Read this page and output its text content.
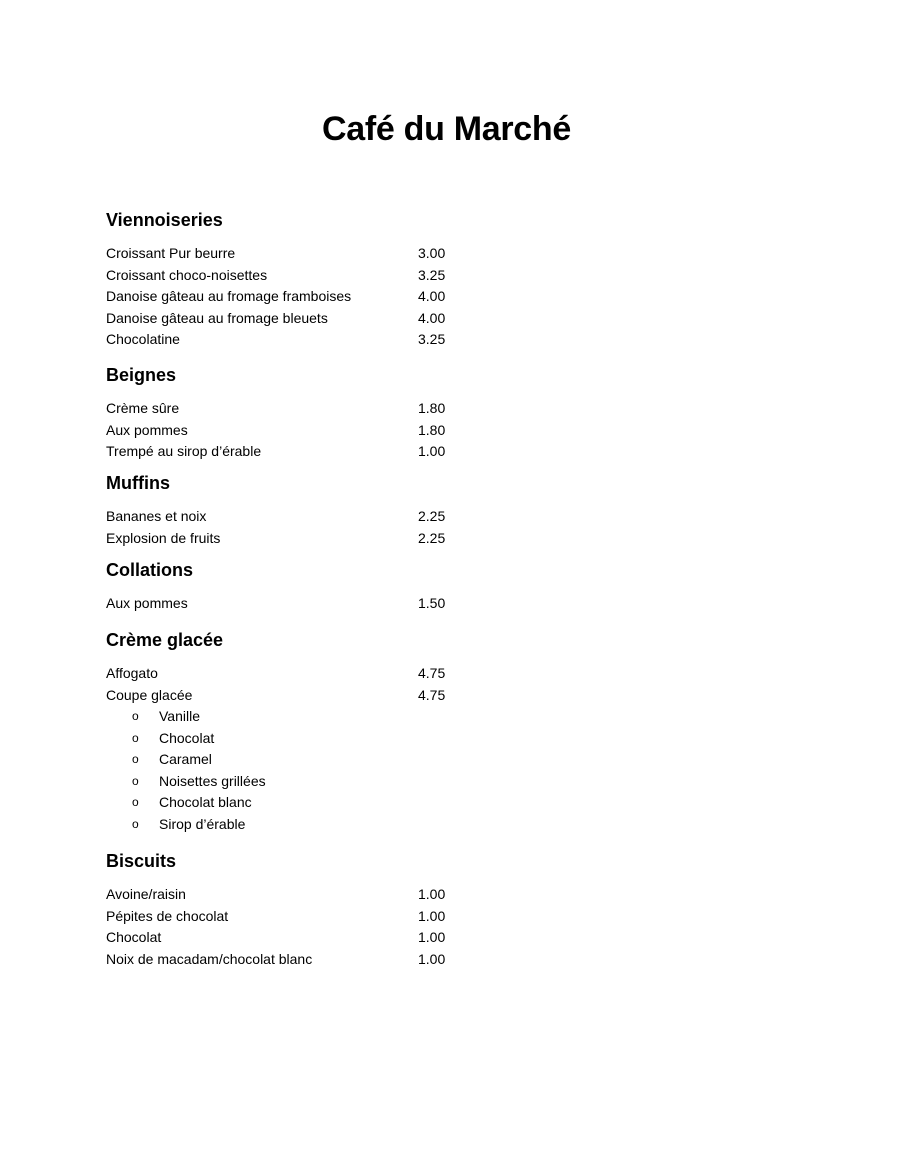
Café du Marché
Viennoiseries
Croissant Pur beurre	3.00
Croissant choco-noisettes	3.25
Danoise gâteau au fromage framboises	4.00
Danoise gâteau au fromage bleuets	4.00
Chocolatine	3.25
Beignes
Crème sûre	1.80
Aux pommes	1.80
Trempé au sirop d’érable	1.00
Muffins
Bananes et noix	2.25
Explosion de fruits	2.25
Collations
Aux pommes	1.50
Crème glacée
Affogato	4.75
Coupe glacée	4.75
o	Vanille
o	Chocolat
o	Caramel
o	Noisettes grillées
o	Chocolat blanc
o	Sirop d’érable
Biscuits
Avoine/raisin	1.00
Pépites de chocolat	1.00
Chocolat	1.00
Noix de macadam/chocolat blanc	1.00
